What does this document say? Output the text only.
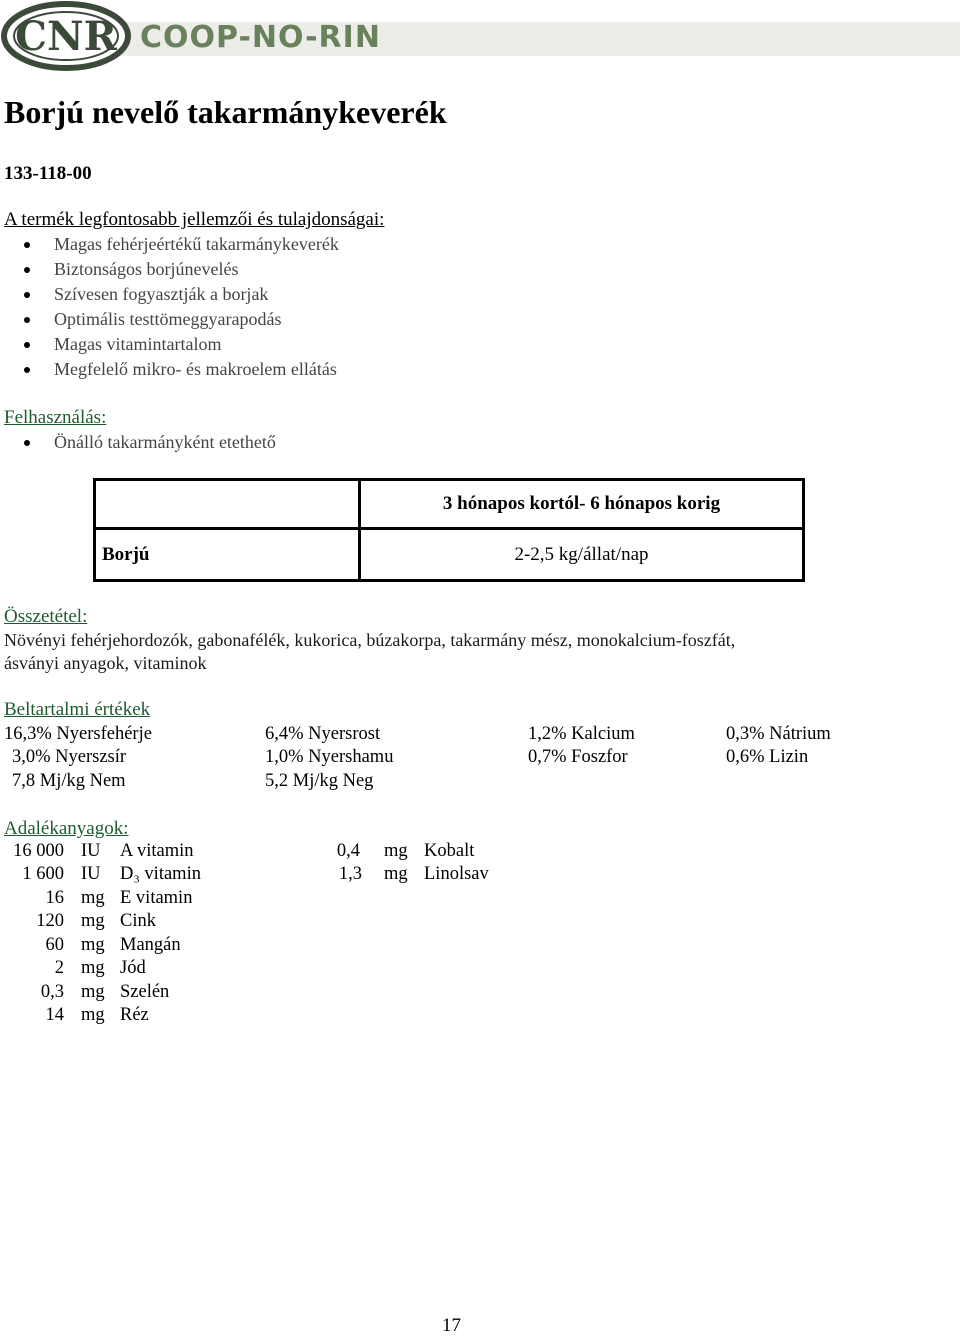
CNR COOP-NO-RIN
Borjú nevelő takarmánykeverék
133-118-00
A termék legfontosabb jellemzői és tulajdonságai:
Magas fehérjeértékű takarmánykeverék
Biztonságos borjúnevelés
Szívesen fogyasztják a borjak
Optimális testtömeggyarapodás
Magas vitamintartalom
Megfelelő mikro- és makroelem ellátás
Felhasználás:
Önálló takarmányként etethető
	3 hónapos kortól- 6 hónapos korig
Borjú	2-2,5 kg/állat/nap
Összetétel:
Növényi fehérjehordozók, gabonafélék, kukorica, búzakorpa, takarmány mész, monokalcium-foszfát,
ásványi anyagok, vitaminok
Beltartalmi értékek
16,3% Nyersfehérje	6,4% Nyersrost	1,2% Kalcium	0,3% Nátrium
3,0% Nyerszsír	1,0% Nyershamu	0,7% Foszfor	0,6% Lizin
7,8 Mj/kg Nem	5,2 Mj/kg Neg
Adalékanyagok:
16 000 IU A vitamin
1 600 IU D₃ vitamin
16 mg E vitamin
120 mg Cink
60 mg Mangán
2 mg Jód
0,3 mg Szelén
14 mg Réz
0,4 mg Kobalt
1,3 mg Linolsav
17
